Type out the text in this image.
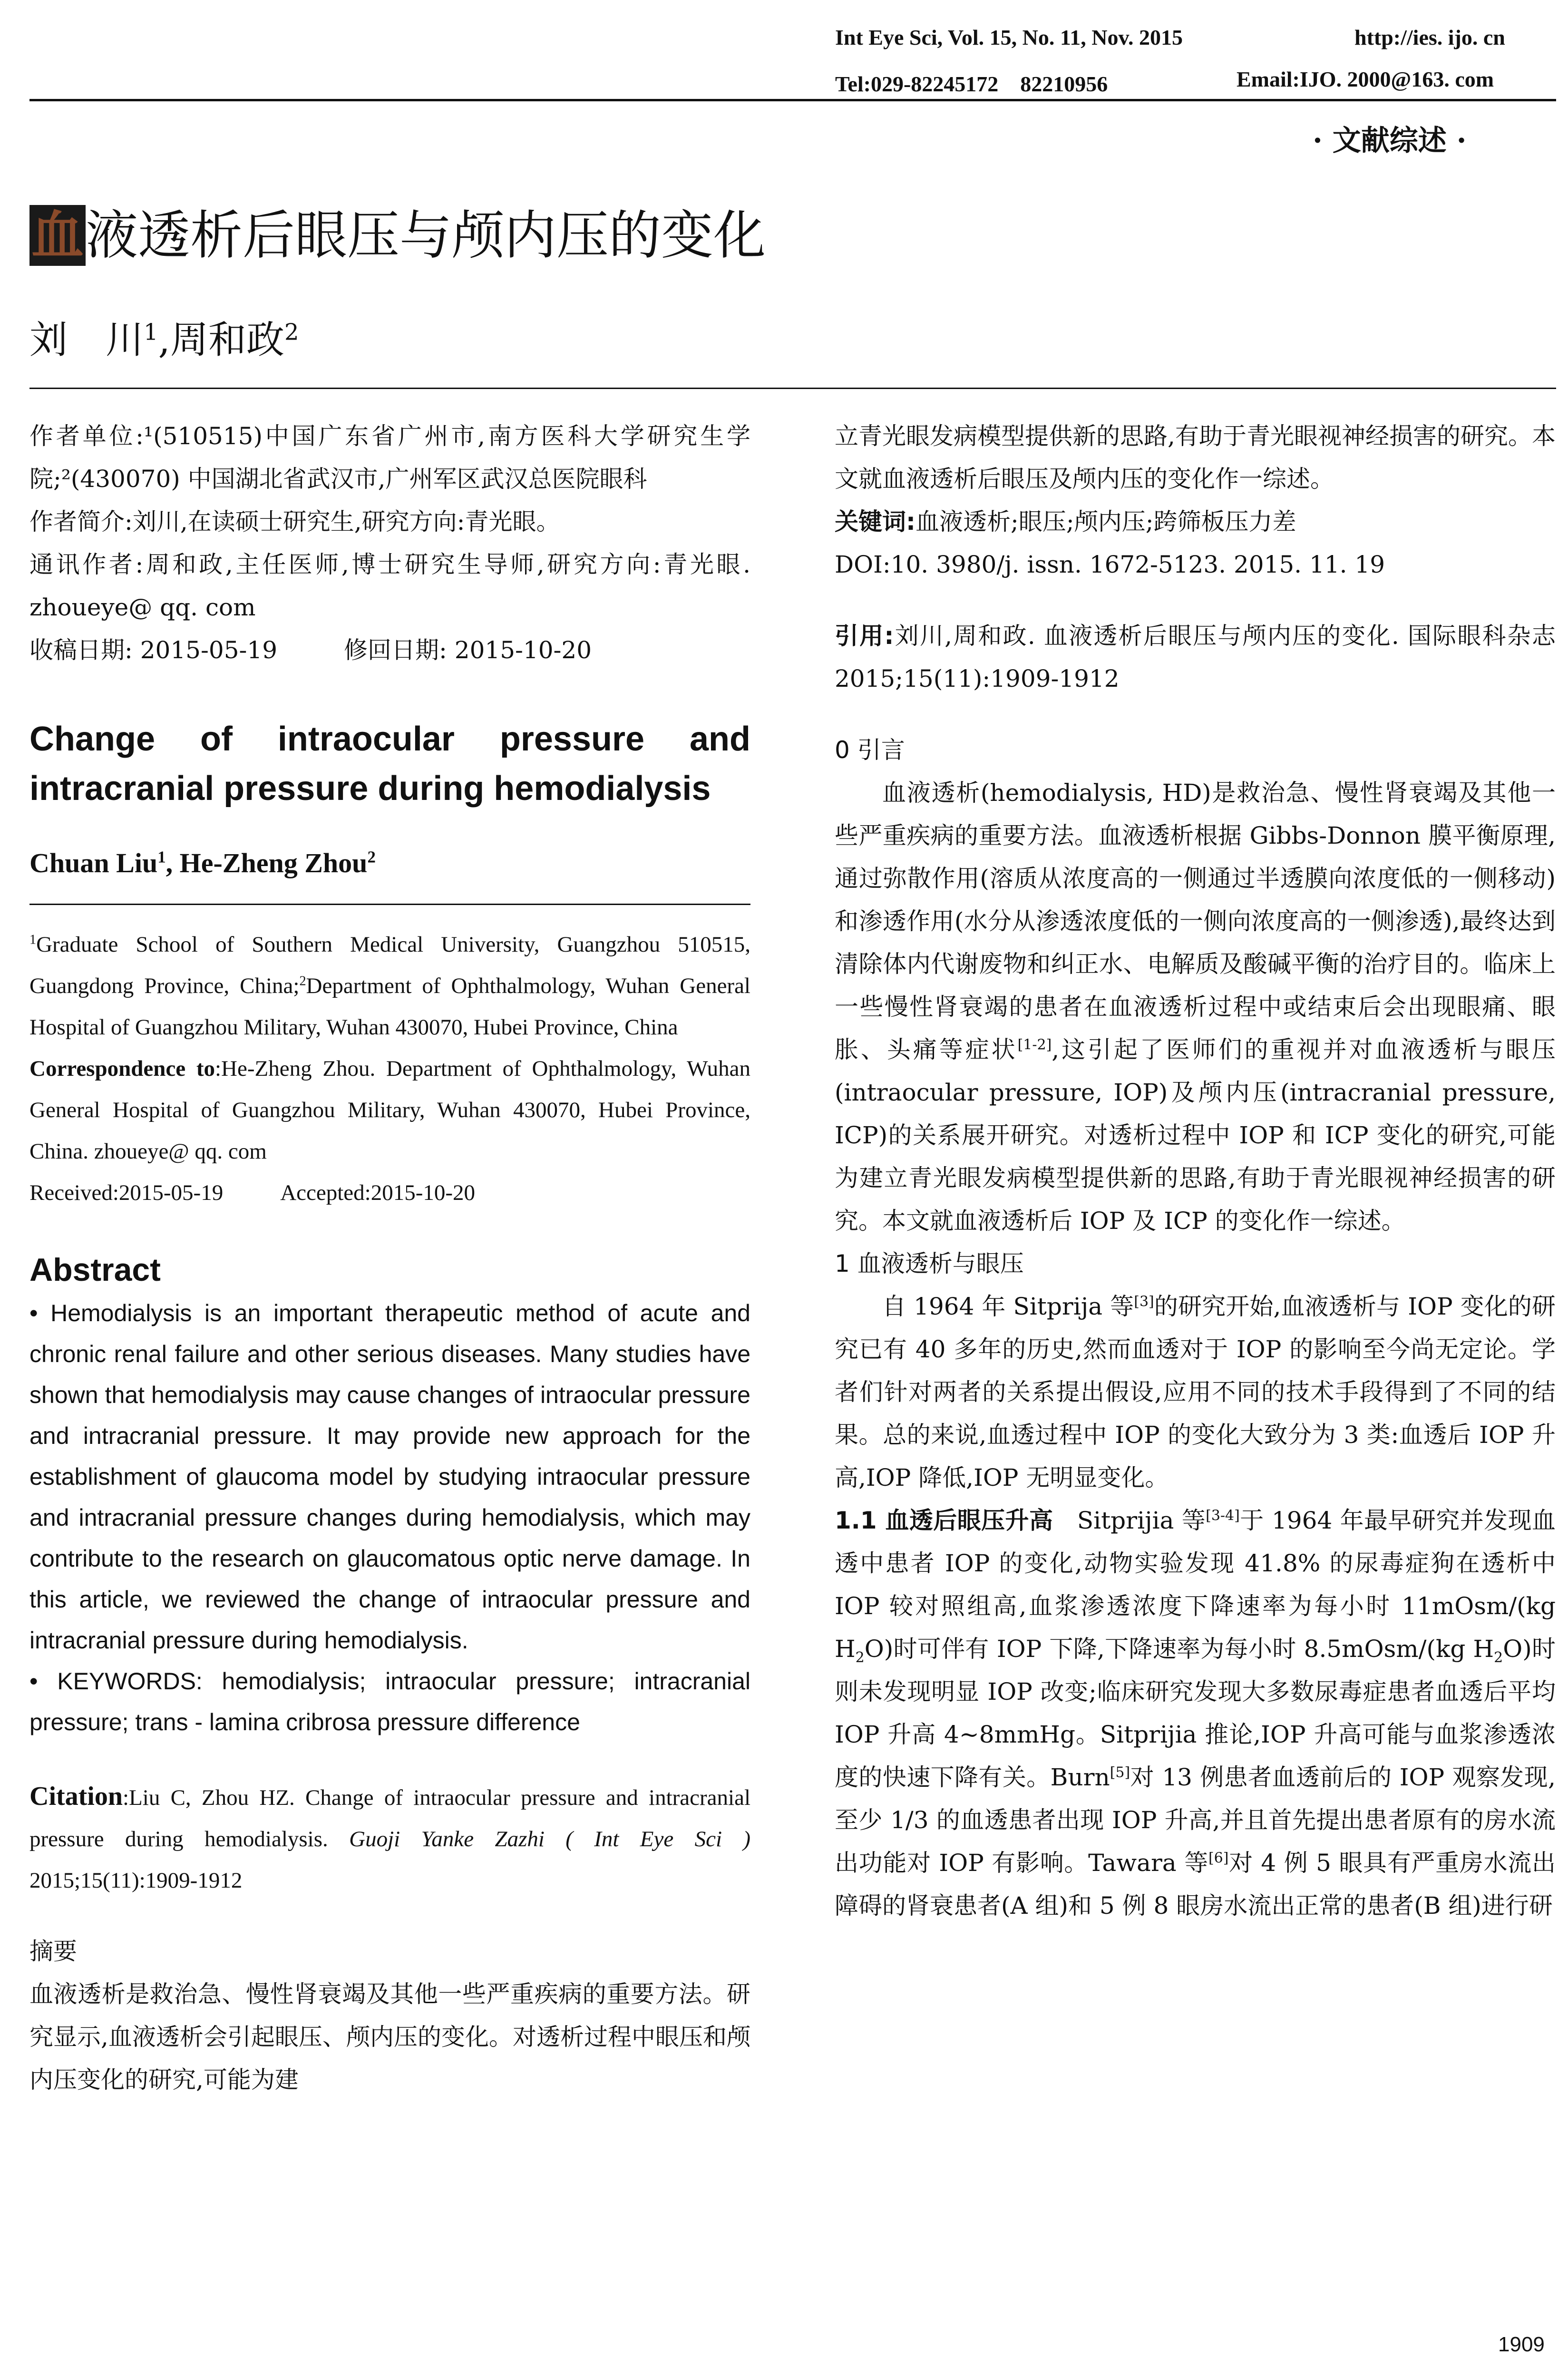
Int Eye Sci, Vol. 15, No. 11, Nov. 2015	http://ies. ijo. cn
Tel:029-82245172　82210956	Email:IJO. 2000@163. com
· 文献综述 ·
血液透析后眼压与颅内压的变化
刘　川$^1$,周和政$^2$

作者单位:¹(510515)中国广东省广州市,南方医科大学研究生学院;²(430070) 中国湖北省武汉市,广州军区武汉总医院眼科

作者简介:刘川,在读硕士研究生,研究方向:青光眼。

通讯作者:周和政,主任医师,博士研究生导师,研究方向:青光眼. zhoueye@ qq. com

收稿日期: 2015-05-19	修回日期: 2015-10-20

Change of intraocular pressure and intracranial pressure during hemodialysis

Chuan Liu$^1$, He-Zheng Zhou$^2$

$^1$Graduate School of Southern Medical University, Guangzhou 510515, Guangdong Province, China;$^2$Department of Ophthalmology, Wuhan General Hospital of Guangzhou Military, Wuhan 430070, Hubei Province, China

Correspondence to:He-Zheng Zhou. Department of Ophthalmology, Wuhan General Hospital of Guangzhou Military, Wuhan 430070, Hubei Province, China. zhoueye@ qq. com

Received:2015-05-19	Accepted:2015-10-20

Abstract

• Hemodialysis is an important therapeutic method of acute and chronic renal failure and other serious diseases. Many studies have shown that hemodialysis may cause changes of intraocular pressure and intracranial pressure. It may provide new approach for the establishment of glaucoma model by studying intraocular pressure and intracranial pressure changes during hemodialysis, which may contribute to the research on glaucomatous optic nerve damage. In this article, we reviewed the change of intraocular pressure and intracranial pressure during hemodialysis.

• KEYWORDS: hemodialysis; intraocular pressure; intracranial pressure; trans - lamina cribrosa pressure difference

Citation:Liu C, Zhou HZ. Change of intraocular pressure and intracranial pressure during hemodialysis. Guoji Yanke Zazhi ( Int Eye Sci ) 2015;15(11):1909-1912

摘要

血液透析是救治急、慢性肾衰竭及其他一些严重疾病的重要方法。研究显示,血液透析会引起眼压、颅内压的变化。对透析过程中眼压和颅内压变化的研究,可能为建

立青光眼发病模型提供新的思路,有助于青光眼视神经损害的研究。本文就血液透析后眼压及颅内压的变化作一综述。

关键词:血液透析;眼压;颅内压;跨筛板压力差

DOI:10. 3980/j. issn. 1672-5123. 2015. 11. 19

引用:刘川,周和政. 血液透析后眼压与颅内压的变化. 国际眼科杂志 2015;15(11):1909-1912

0 引言

血液透析(hemodialysis, HD)是救治急、慢性肾衰竭及其他一些严重疾病的重要方法。血液透析根据 Gibbs-Donnon 膜平衡原理,通过弥散作用(溶质从浓度高的一侧通过半透膜向浓度低的一侧移动)和渗透作用(水分从渗透浓度低的一侧向浓度高的一侧渗透),最终达到清除体内代谢废物和纠正水、电解质及酸碱平衡的治疗目的。临床上一些慢性肾衰竭的患者在血液透析过程中或结束后会出现眼痛、眼胀、头痛等症状[1-2],这引起了医师们的重视并对血液透析与眼压(intraocular pressure, IOP)及颅内压(intracranial pressure, ICP)的关系展开研究。对透析过程中 IOP 和 ICP 变化的研究,可能为建立青光眼发病模型提供新的思路,有助于青光眼视神经损害的研究。本文就血液透析后 IOP 及 ICP 的变化作一综述。

1 血液透析与眼压

自 1964 年 Sitprija 等[3]的研究开始,血液透析与 IOP 变化的研究已有 40 多年的历史,然而血透对于 IOP 的影响至今尚无定论。学者们针对两者的关系提出假设,应用不同的技术手段得到了不同的结果。总的来说,血透过程中 IOP 的变化大致分为 3 类:血透后 IOP 升高,IOP 降低,IOP 无明显变化。

1.1 血透后眼压升高　Sitprijia 等[3-4]于 1964 年最早研究并发现血透中患者 IOP 的变化,动物实验发现 41.8% 的尿毒症狗在透析中 IOP 较对照组高,血浆渗透浓度下降速率为每小时 11mOsm/(kg $H_2O$)时可伴有 IOP 下降,下降速率为每小时 8.5mOsm/(kg $H_2O$)时则未发现明显 IOP 改变;临床研究发现大多数尿毒症患者血透后平均 IOP 升高 4~8mmHg。Sitprijia 推论,IOP 升高可能与血浆渗透浓度的快速下降有关。Burn[5]对 13 例患者血透前后的 IOP 观察发现,至少 1/3 的血透患者出现 IOP 升高,并且首先提出患者原有的房水流出功能对 IOP 有影响。Tawara 等[6]对 4 例 5 眼具有严重房水流出障碍的肾衰患者(A 组)和 5 例 8 眼房水流出正常的患者(B 组)进行研

1909
